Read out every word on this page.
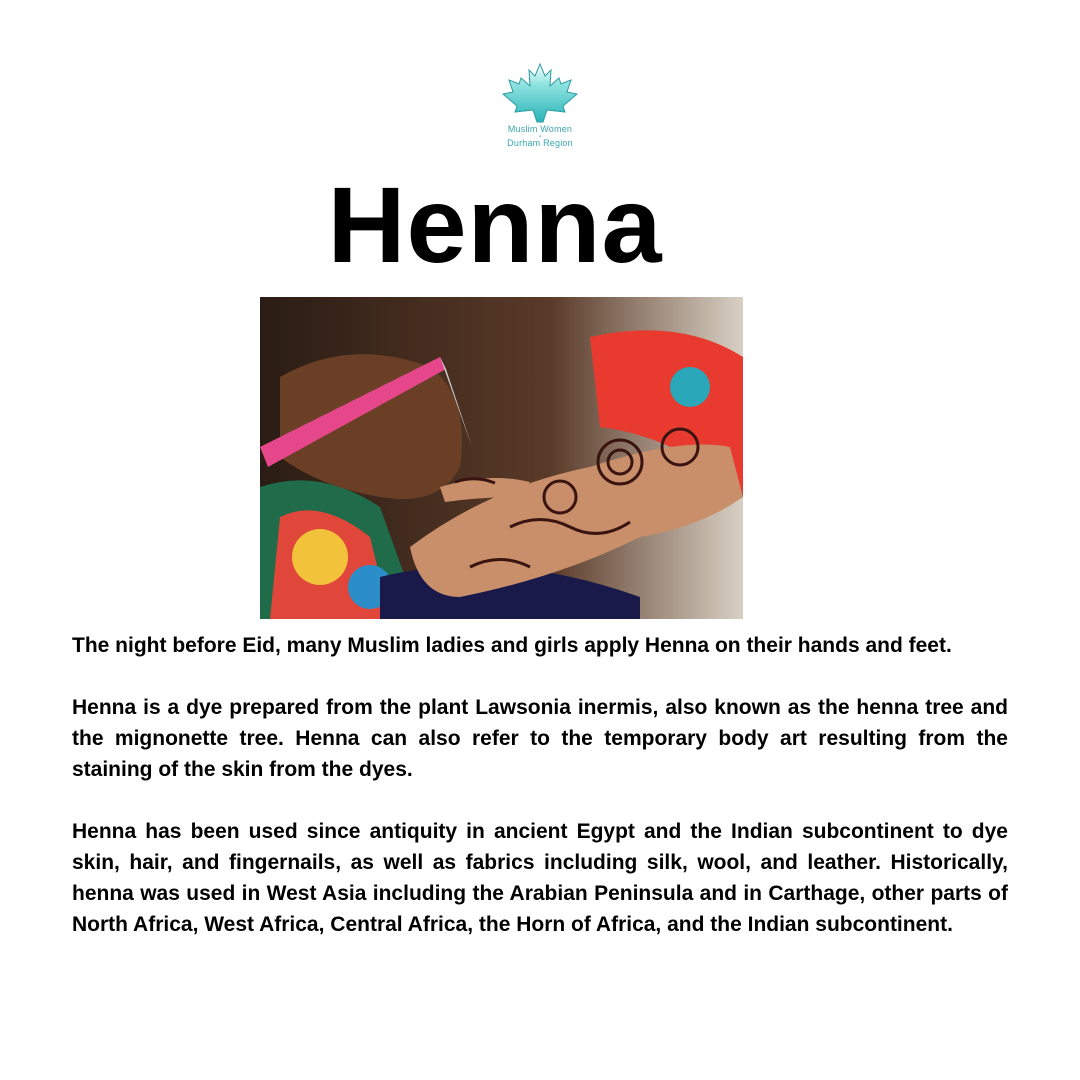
Muslim Women
of
Durham Region
Henna

The night before Eid, many Muslim ladies and girls apply Henna on their hands and feet.

Henna is a dye prepared from the plant Lawsonia inermis, also known as the henna tree and the mignonette tree. Henna can also refer to the temporary body art resulting from the staining of the skin from the dyes.

Henna has been used since antiquity in ancient Egypt and the Indian subcontinent to dye skin, hair, and fingernails, as well as fabrics including silk, wool, and leather. Historically, henna was used in West Asia including the Arabian Peninsula and in Carthage, other parts of North Africa, West Africa, Central Africa, the Horn of Africa, and the Indian subcontinent.
